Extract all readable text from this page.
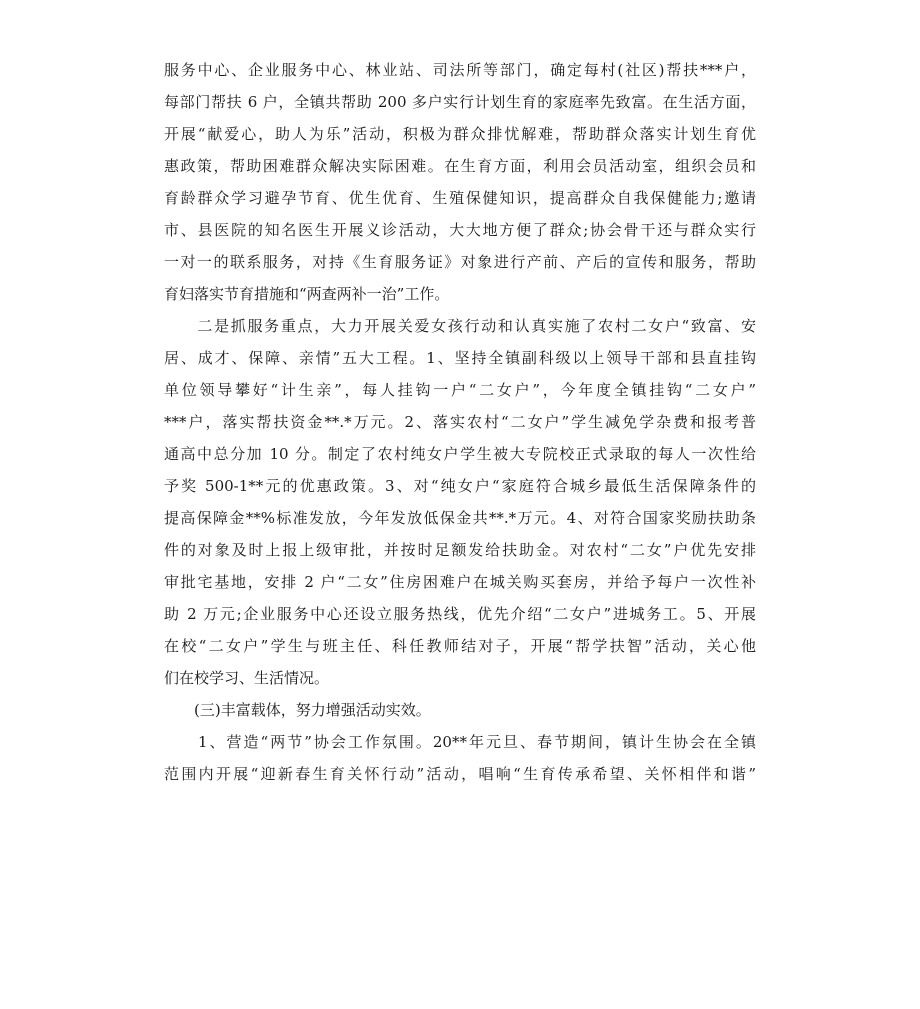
服务中心、企业服务中心、林业站、司法所等部门，确定每村(社区)帮扶***户，
每部门帮扶 6 户，全镇共帮助 200 多户实行计划生育的家庭率先致富。在生活方面，
开展“献爱心，助人为乐”活动，积极为群众排忧解难，帮助群众落实计划生育优
惠政策，帮助困难群众解决实际困难。在生育方面，利用会员活动室，组织会员和
育龄群众学习避孕节育、优生优育、生殖保健知识，提高群众自我保健能力;邀请
市、县医院的知名医生开展义诊活动，大大地方便了群众;协会骨干还与群众实行
一对一的联系服务，对持《生育服务证》对象进行产前、产后的宣传和服务，帮助
育妇落实节育措施和“两查两补一治”工作。
　　二是抓服务重点，大力开展关爱女孩行动和认真实施了农村二女户“致富、安
居、成才、保障、亲情”五大工程。1、坚持全镇副科级以上领导干部和县直挂钩
单位领导攀好“计生亲”，每人挂钩一户“二女户”，今年度全镇挂钩“二女户”
***户，落实帮扶资金**.*万元。2、落实农村“二女户”学生减免学杂费和报考普
通高中总分加 10 分。制定了农村纯女户学生被大专院校正式录取的每人一次性给
予奖 500-1**元的优惠政策。3、对“纯女户“家庭符合城乡最低生活保障条件的
提高保障金**%标准发放，今年发放低保金共**.*万元。4、对符合国家奖励扶助条
件的对象及时上报上级审批，并按时足额发给扶助金。对农村“二女”户优先安排
审批宅基地，安排 2 户“二女”住房困难户在城关购买套房，并给予每户一次性补
助 2 万元;企业服务中心还设立服务热线，优先介绍“二女户”进城务工。5、开展
在校“二女户”学生与班主任、科任教师结对子，开展“帮学扶智”活动，关心他
们在校学习、生活情况。
　　(三)丰富载体，努力增强活动实效。
　　1、营造“两节”协会工作氛围。20**年元旦、春节期间，镇计生协会在全镇
范围内开展“迎新春生育关怀行动”活动，唱响“生育传承希望、关怀相伴和谐”
